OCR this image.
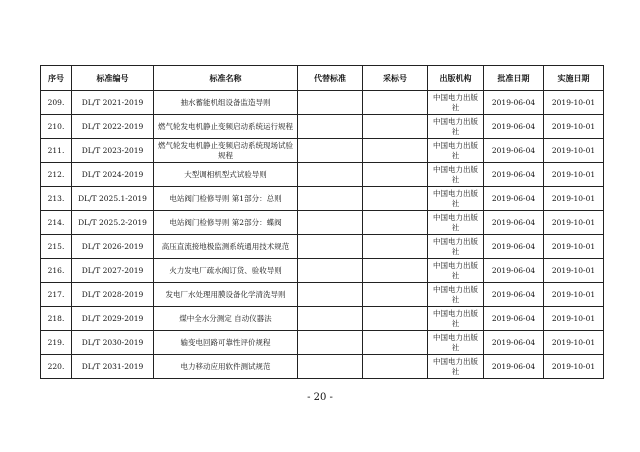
序号	标准编号	标准名称	代替标准	采标号	出版机构	批准日期	实施日期
209.	DL/T 2021-2019	抽水蓄能机组设备监造导则			中国电力出版社	2019-06-04	2019-10-01
210.	DL/T 2022-2019	燃气轮发电机静止变频启动系统运行规程			中国电力出版社	2019-06-04	2019-10-01
211.	DL/T 2023-2019	燃气轮发电机静止变频启动系统现场试验规程			中国电力出版社	2019-06-04	2019-10-01
212.	DL/T 2024-2019	大型调相机型式试验导则			中国电力出版社	2019-06-04	2019-10-01
213.	DL/T 2025.1-2019	电站阀门检修导则 第1部分：总则			中国电力出版社	2019-06-04	2019-10-01
214.	DL/T 2025.2-2019	电站阀门检修导则 第2部分：蝶阀			中国电力出版社	2019-06-04	2019-10-01
215.	DL/T 2026-2019	高压直流接地极监测系统通用技术规范			中国电力出版社	2019-06-04	2019-10-01
216.	DL/T 2027-2019	火力发电厂疏水阀订货、验收导则			中国电力出版社	2019-06-04	2019-10-01
217.	DL/T 2028-2019	发电厂水处理用膜设备化学清洗导则			中国电力出版社	2019-06-04	2019-10-01
218.	DL/T 2029-2019	煤中全水分测定 自动仪器法			中国电力出版社	2019-06-04	2019-10-01
219.	DL/T 2030-2019	输变电回路可靠性评价规程			中国电力出版社	2019-06-04	2019-10-01
220.	DL/T 2031-2019	电力移动应用软件测试规范			中国电力出版社	2019-06-04	2019-10-01
- 20 -
